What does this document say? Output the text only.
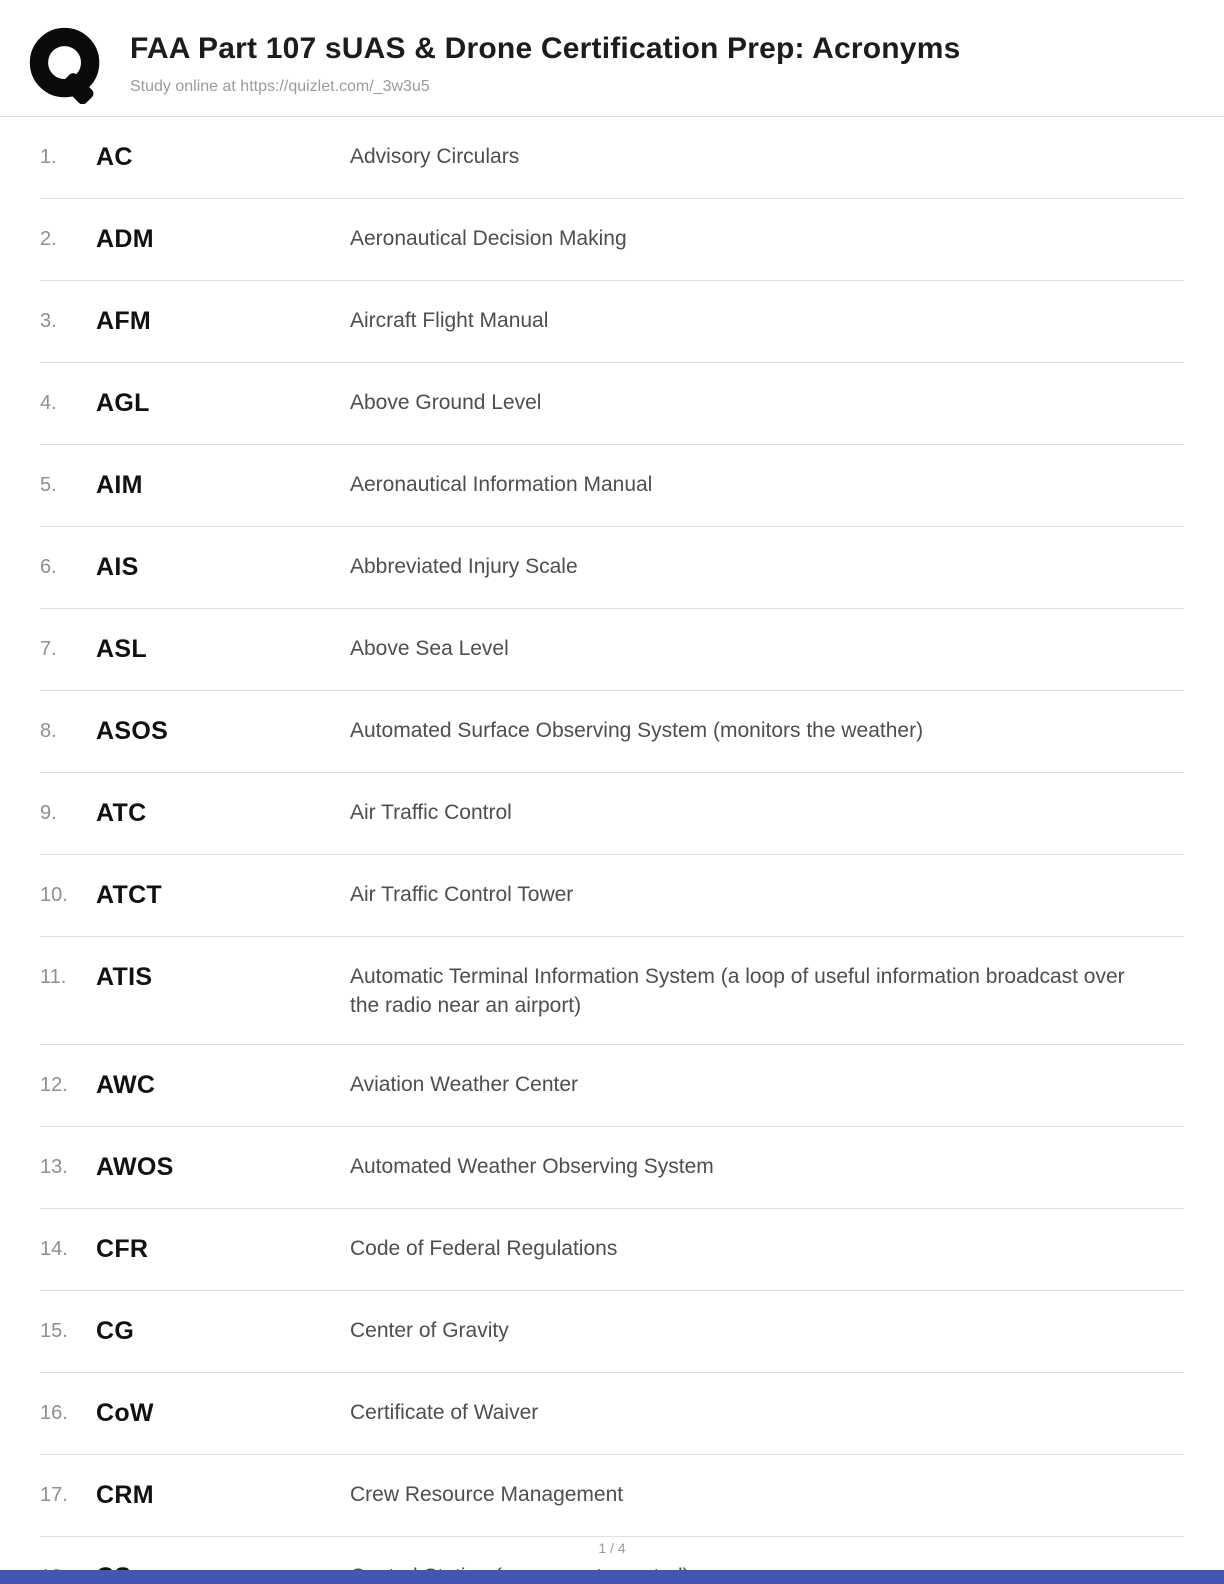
FAA Part 107 sUAS & Drone Certification Prep: Acronyms
Study online at https://quizlet.com/_3w3u5
1.	AC	Advisory Circulars
2.	ADM	Aeronautical Decision Making
3.	AFM	Aircraft Flight Manual
4.	AGL	Above Ground Level
5.	AIM	Aeronautical Information Manual
6.	AIS	Abbreviated Injury Scale
7.	ASL	Above Sea Level
8.	ASOS	Automated Surface Observing System (monitors the weather)
9.	ATC	Air Traffic Control
10.	ATCT	Air Traffic Control Tower
11.	ATIS	Automatic Terminal Information System (a loop of useful information broadcast over the radio near an airport)
12.	AWC	Aviation Weather Center
13.	AWOS	Automated Weather Observing System
14.	CFR	Code of Federal Regulations
15.	CG	Center of Gravity
16.	CoW	Certificate of Waiver
17.	CRM	Crew Resource Management
1 / 4
